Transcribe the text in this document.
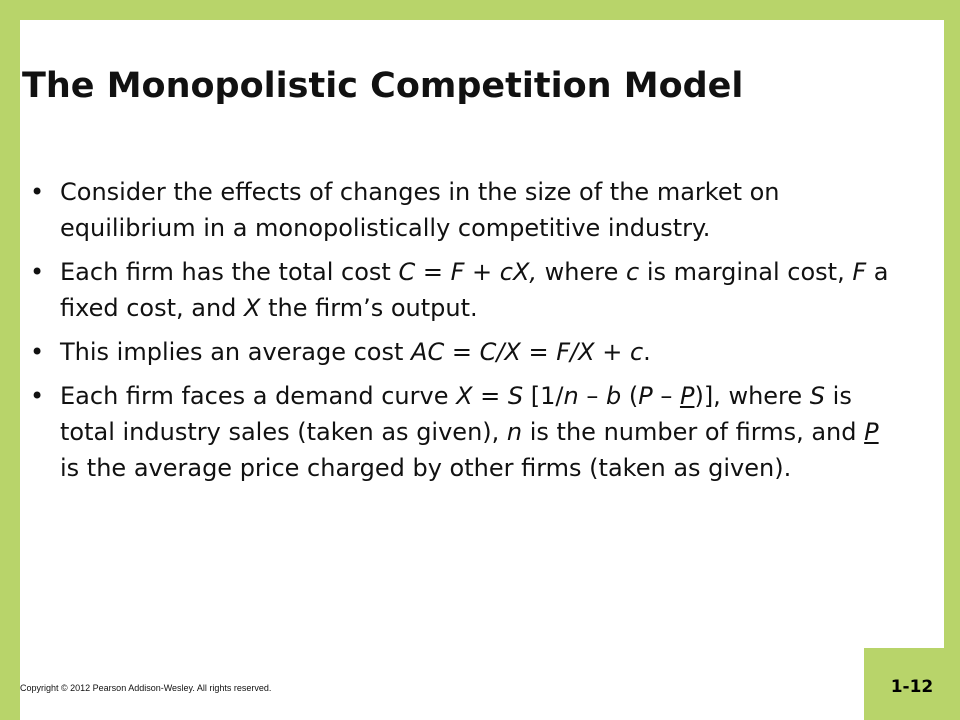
The Monopolistic Competition Model
• Consider the effects of changes in the size of the market on equilibrium in a monopolistically competitive industry.
• Each firm has the total cost C = F + cX, where c is marginal cost, F a fixed cost, and X the firm’s output.
• This implies an average cost AC = C/X = F/X + c.
• Each firm faces a demand curve X = S [1/n – b (P – P)], where S is total industry sales (taken as given), n is the number of firms, and P is the average price charged by other firms (taken as given).
Copyright © 2012 Pearson Addison-Wesley. All rights reserved.	1-12
